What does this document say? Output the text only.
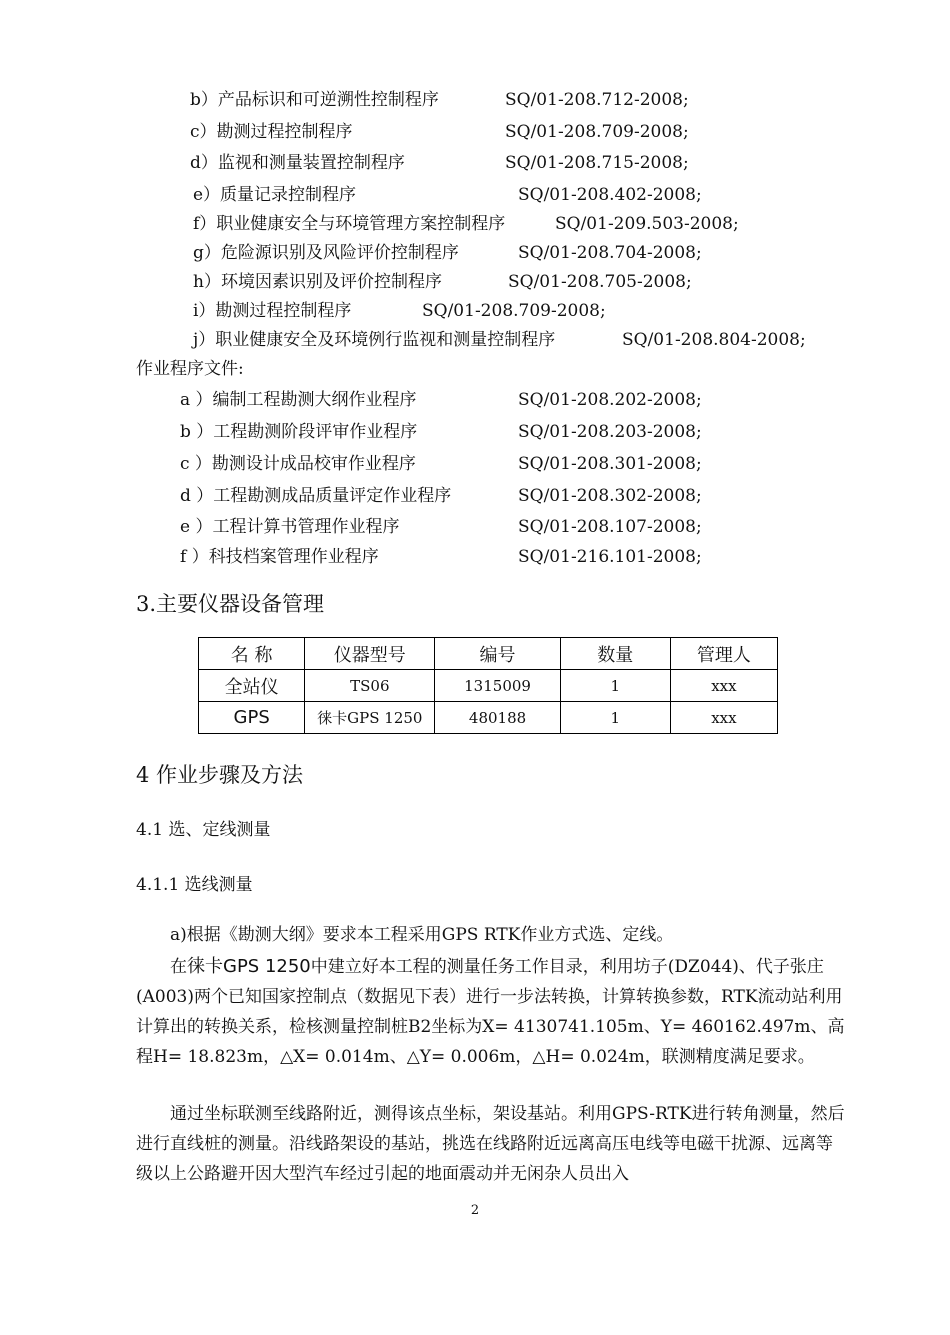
b）产品标识和可逆溯性控制程序	SQ/01-208.712-2008;
c）勘测过程控制程序	SQ/01-208.709-2008;
d）监视和测量装置控制程序	SQ/01-208.715-2008;
e）质量记录控制程序	SQ/01-208.402-2008;
f）职业健康安全与环境管理方案控制程序	SQ/01-209.503-2008;
g）危险源识别及风险评价控制程序	SQ/01-208.704-2008;
h）环境因素识别及评价控制程序	SQ/01-208.705-2008;
i）勘测过程控制程序	SQ/01-208.709-2008;
j）职业健康安全及环境例行监视和测量控制程序	SQ/01-208.804-2008;
作业程序文件:
a ）编制工程勘测大纲作业程序	SQ/01-208.202-2008;
b ）工程勘测阶段评审作业程序	SQ/01-208.203-2008;
c ）勘测设计成品校审作业程序	SQ/01-208.301-2008;
d ）工程勘测成品质量评定作业程序	SQ/01-208.302-2008;
e ）工程计算书管理作业程序	SQ/01-208.107-2008;
f ）科技档案管理作业程序	SQ/01-216.101-2008;
3.主要仪器设备管理
名 称	仪器型号	编号	数量	管理人
全站仪	TS06	1315009	1	xxx
GPS	徕卡GPS 1250	480188	1	xxx
4 作业步骤及方法
4.1 选、定线测量
4.1.1 选线测量
a)根据《勘测大纲》要求本工程采用GPS RTK作业方式选、定线。
在徕卡GPS 1250中建立好本工程的测量任务工作目录，利用坊子(DZ044)、代子张庄(A003)两个已知国家控制点（数据见下表）进行一步法转换，计算转换参数，RTK流动站利用计算出的转换关系，检核测量控制桩B2坐标为X= 4130741.105m、Y= 460162.497m、高程H= 18.823m，△X= 0.014m、△Y= 0.006m，△H= 0.024m，联测精度满足要求。
通过坐标联测至线路附近，测得该点坐标，架设基站。利用GPS-RTK进行转角测量，然后进行直线桩的测量。沿线路架设的基站，挑选在线路附近远离高压电线等电磁干扰源、远离等级以上公路避开因大型汽车经过引起的地面震动并无闲杂人员出入
2
